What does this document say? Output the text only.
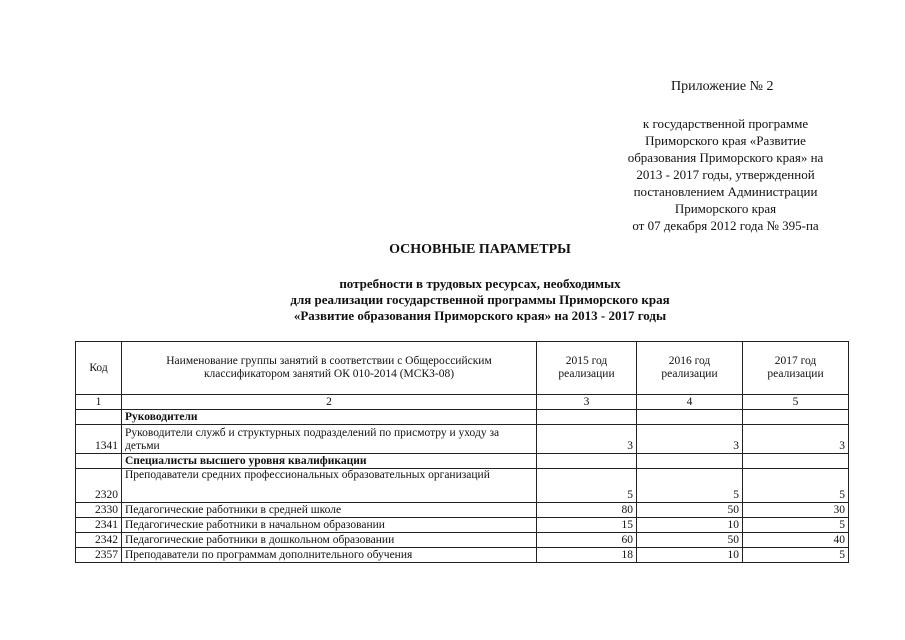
Приложение № 2
к государственной программе
Приморского края «Развитие
образования Приморского края» на
2013 - 2017 годы, утвержденной
постановлением Администрации
Приморского края
от 07 декабря 2012 года № 395-па
ОСНОВНЫЕ ПАРАМЕТРЫ
потребности в трудовых ресурсах, необходимых
для реализации государственной программы Приморского края
«Развитие образования Приморского края» на 2013 - 2017 годы
Код	Наименование группы занятий в соответствии с Общероссийским классификатором занятий ОК 010-2014 (МСКЗ-08)	2015 год реализации	2016 год реализации	2017 год реализации
1	2	3	4	5
	Руководители			
1341	Руководители служб и структурных подразделений по присмотру и уходу за детьми	3	3	3
	Специалисты высшего уровня квалификации			
2320	Преподаватели средних профессиональных образовательных организаций	5	5	5
2330	Педагогические работники в средней школе	80	50	30
2341	Педагогические работники в начальном образовании	15	10	5
2342	Педагогические работники в дошкольном образовании	60	50	40
2357	Преподаватели по программам дополнительного обучения	18	10	5
